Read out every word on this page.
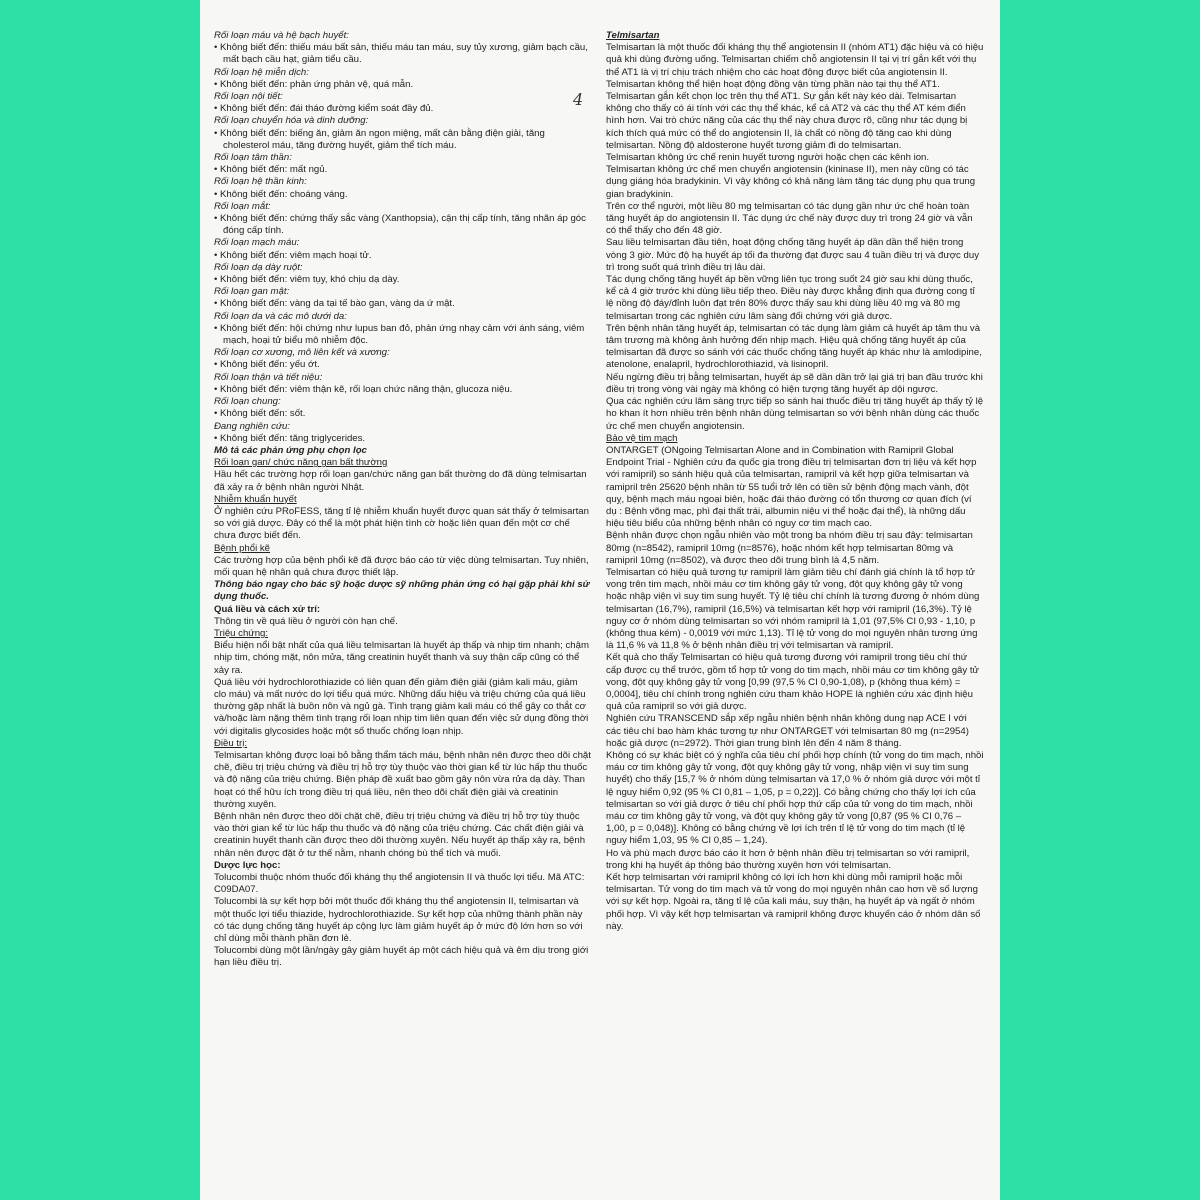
Rối loạn máu và hệ bạch huyết:
• Không biết đến: thiếu máu bất sản, thiếu máu tan máu, suy tủy xương, giảm bạch cầu, mất bạch cầu hạt, giảm tiểu cầu.
Rối loạn hệ miễn dịch:
• Không biết đến: phản ứng phản vệ, quá mẫn.
Rối loạn nội tiết:
• Không biết đến: đái tháo đường kiểm soát đầy đủ.
Rối loạn chuyển hóa và dinh dưỡng:
• Không biết đến: biếng ăn, giảm ăn ngon miệng, mất cân bằng điện giải, tăng cholesterol máu, tăng đường huyết, giảm thể tích máu.
Rối loạn tâm thần:
• Không biết đến: mất ngủ.
Rối loạn hệ thần kinh:
• Không biết đến: choáng váng.
Rối loạn mắt:
• Không biết đến: chứng thấy sắc vàng (Xanthopsia), cận thị cấp tính, tăng nhãn áp góc đóng cấp tính.
Rối loạn mạch máu:
• Không biết đến: viêm mạch hoại tử.
Rối loạn dạ dày ruột:
• Không biết đến: viêm tụy, khó chịu dạ dày.
Rối loạn gan mật:
• Không biết đến: vàng da tại tế bào gan, vàng da ứ mật.
Rối loạn da và các mô dưới da:
• Không biết đến: hội chứng như lupus ban đỏ, phản ứng nhạy cảm với ánh sáng, viêm mạch, hoại tử biểu mô nhiễm độc.
Rối loạn cơ xương, mô liên kết và xương:
• Không biết đến: yếu ớt.
Rối loạn thận và tiết niệu:
• Không biết đến: viêm thận kẽ, rối loạn chức năng thận, glucoza niệu.
Rối loạn chung:
• Không biết đến: sốt.
Đang nghiên cứu:
• Không biết đến: tăng triglycerides.
Mô tả các phản ứng phụ chọn lọc
Rối loạn gan/ chức năng gan bất thường
Hầu hết các trường hợp rối loạn gan/chức năng gan bất thường do đã dùng telmisartan đã xảy ra ở bệnh nhân người Nhật.
Nhiễm khuẩn huyết
Ở nghiên cứu PRoFESS, tăng tỉ lệ nhiễm khuẩn huyết được quan sát thấy ở telmisartan so với giả dược. Đây có thể là một phát hiện tình cờ hoặc liên quan đến một cơ chế chưa được biết đến.
Bệnh phổi kẽ
Các trường hợp của bệnh phổi kẽ đã được báo cáo từ việc dùng telmisartan. Tuy nhiên, mối quan hệ nhân quả chưa được thiết lập.
Thông báo ngay cho bác sỹ hoặc dược sỹ những phản ứng có hại gặp phải khi sử dụng thuốc.
Quá liều và cách xử trí:
Thông tin về quá liều ở người còn hạn chế.
Triệu chứng:
Biểu hiện nổi bật nhất của quá liều telmisartan là huyết áp thấp và nhịp tim nhanh; chậm nhịp tim, chóng mặt, nôn mửa, tăng creatinin huyết thanh và suy thận cấp cũng có thể xảy ra.
Quá liều với hydrochlorothiazide có liên quan đến giảm điện giải (giảm kali máu, giảm clo máu) và mất nước do lợi tiểu quá mức. Những dấu hiệu và triệu chứng của quá liều thường gặp nhất là buồn nôn và ngủ gà. Tình trạng giảm kali máu có thể gây co thắt cơ và/hoặc làm nặng thêm tình trạng rối loạn nhịp tim liên quan đến việc sử dụng đồng thời với digitalis glycosides hoặc một số thuốc chống loạn nhịp.
Điều trị:
Telmisartan không được loại bỏ bằng thẩm tách máu, bệnh nhân nên được theo dõi chặt chẽ, điều trị triệu chứng và điều trị hỗ trợ tùy thuộc vào thời gian kể từ lúc hấp thu thuốc và độ nặng của triệu chứng. Biện pháp đề xuất bao gồm gây nôn vừa rửa dạ dày. Than hoạt có thể hữu ích trong điều trị quá liều, nên theo dõi chất điện giải và creatinin thường xuyên.
Bệnh nhân nên được theo dõi chặt chẽ, điều trị triệu chứng và điều trị hỗ trợ tùy thuộc vào thời gian kể từ lúc hấp thu thuốc và độ nặng của triệu chứng. Các chất điện giải và creatinin huyết thanh cần được theo dõi thường xuyên. Nếu huyết áp thấp xảy ra, bệnh nhân nên được đặt ở tư thế nằm, nhanh chóng bù thể tích và muối.
Dược lực học:
Tolucombi thuộc nhóm thuốc đối kháng thụ thể angiotensin II và thuốc lợi tiểu. Mã ATC: C09DA07.
Tolucombi là sự kết hợp bởi một thuốc đối kháng thụ thể angiotensin II, telmisartan và một thuốc lợi tiểu thiazide, hydrochlorothiazide. Sự kết hợp của những thành phần này có tác dụng chống tăng huyết áp cộng lực làm giảm huyết áp ở mức độ lớn hơn so với chỉ dùng mỗi thành phần đơn lẻ.
Tolucombi dùng một lần/ngày gây giảm huyết áp một cách hiệu quả và êm dịu trong giới hạn liều điều trị.
Telmisartan
Telmisartan là một thuốc đối kháng thụ thể angiotensin II (nhóm AT1) đặc hiệu và có hiệu quả khi dùng đường uống. Telmisartan chiếm chỗ angiotensin II tại vị trí gắn kết với thụ thể AT1 là vị trí chịu trách nhiệm cho các hoạt động được biết của angiotensin II.
Telmisartan không thể hiện hoạt động đồng vận từng phần nào tại thụ thể AT1. Telmisartan gắn kết chọn lọc trên thụ thể AT1. Sự gắn kết này kéo dài. Telmisartan không cho thấy có ái tính với các thụ thể khác, kể cả AT2 và các thụ thể AT kém điển hình hơn. Vai trò chức năng của các thụ thể này chưa được rõ, cũng như tác dụng bị kích thích quá mức có thể do angiotensin II, là chất có nồng độ tăng cao khi dùng telmisartan. Nồng độ aldosterone huyết tương giảm đi do telmisartan.
Telmisartan không ức chế renin huyết tương người hoặc chẹn các kênh ion.
Telmisartan không ức chế men chuyển angiotensin (kininase II), men này cũng có tác dụng giáng hóa bradykinin. Vì vậy không có khả năng làm tăng tác dụng phụ qua trung gian bradykinin.
Trên cơ thể người, một liều 80 mg telmisartan có tác dụng gần như ức chế hoàn toàn tăng huyết áp do angiotensin II. Tác dụng ức chế này được duy trì trong 24 giờ và vẫn có thể thấy cho đến 48 giờ.
Sau liều telmisartan đầu tiên, hoạt động chống tăng huyết áp dần dần thể hiện trong vòng 3 giờ. Mức độ hạ huyết áp tối đa thường đạt được sau 4 tuần điều trị và được duy trì trong suốt quá trình điều trị lâu dài.
Tác dụng chống tăng huyết áp bền vững liên tục trong suốt 24 giờ sau khi dùng thuốc, kể cả 4 giờ trước khi dùng liều tiếp theo. Điều này được khẳng định qua đường cong tỉ lệ nồng độ đáy/đỉnh luôn đạt trên 80% được thấy sau khi dùng liều 40 mg và 80 mg telmisartan trong các nghiên cứu lâm sàng đối chứng với giả dược.
Trên bệnh nhân tăng huyết áp, telmisartan có tác dụng làm giảm cả huyết áp tâm thu và tâm trương mà không ảnh hưởng đến nhịp mạch. Hiệu quả chống tăng huyết áp của telmisartan đã được so sánh với các thuốc chống tăng huyết áp khác như là amlodipine, atenolone, enalapril, hydrochlorothiazid, và lisinopril.
Nếu ngừng điều trị bằng telmisartan, huyết áp sẽ dần dần trở lại giá trị ban đầu trước khi điều trị trong vòng vài ngày mà không có hiện tượng tăng huyết áp dội ngược.
Qua các nghiên cứu lâm sàng trực tiếp so sánh hai thuốc điều trị tăng huyết áp thấy tỷ lệ ho khan ít hơn nhiều trên bệnh nhân dùng telmisartan so với bệnh nhân dùng các thuốc ức chế men chuyển angiotensin.
Bảo vệ tim mạch
ONTARGET (ONgoing Telmisartan Alone and in Combination with Ramipril Global Endpoint Trial - Nghiên cứu đa quốc gia trong điều trị telmisartan đơn trị liệu và kết hợp với ramipril) so sánh hiệu quả của telmisartan, ramipril và kết hợp giữa telmisartan và ramipril trên 25620 bệnh nhân từ 55 tuổi trở lên có tiền sử bệnh động mạch vành, đột quỵ, bệnh mạch máu ngoại biên, hoặc đái tháo đường có tổn thương cơ quan đích (ví dụ : Bệnh võng mạc, phì đại thất trái, albumin niệu vi thể hoặc đại thể), là những dấu hiệu tiêu biểu của những bệnh nhân có nguy cơ tim mạch cao.
Bệnh nhân được chọn ngẫu nhiên vào một trong ba nhóm điều trị sau đây: telmisartan 80mg (n=8542), ramipril 10mg (n=8576), hoặc nhóm kết hợp telmisartan 80mg và ramipril 10mg (n=8502), và được theo dõi trung bình là 4,5 năm.
Telmisartan có hiệu quả tương tự ramipril làm giảm tiêu chí đánh giá chính là tổ hợp tử vong trên tim mạch, nhồi máu cơ tim không gây tử vong, đột quỵ không gây tử vong hoặc nhập viện vì suy tim sung huyết. Tỷ lệ tiêu chí chính là tương đương ở nhóm dùng telmisartan (16,7%), ramipril (16,5%) và telmisartan kết hợp với ramipril (16,3%). Tỷ lệ nguy cơ ở nhóm dùng telmisartan so với nhóm ramipril là 1,01 (97,5% CI 0,93 - 1,10, p (không thua kém) - 0,0019 với mức 1,13). Tỉ lệ tử vong do mọi nguyên nhân tương ứng là 11,6 % và 11,8 % ở bệnh nhân điều trị với telmisartan và ramipril.
Kết quả cho thấy Telmisartan có hiệu quả tương đương với ramipril trong tiêu chí thứ cấp được cụ thể trước, gồm tổ hợp tử vong do tim mạch, nhồi máu cơ tim không gây tử vong, đột quỵ không gây tử vong [0,99 (97,5 % CI 0,90-1,08), p (không thua kém) = 0,0004], tiêu chí chính trong nghiên cứu tham khảo HOPE là nghiên cứu xác định hiệu quả của ramipril so với giả dược.
Nghiên cứu TRANSCEND sắp xếp ngẫu nhiên bệnh nhân không dung nạp ACE I với các tiêu chí bao hàm khác tương tự như ONTARGET với telmisartan 80 mg (n=2954) hoặc giả dược (n=2972). Thời gian trung bình lên đến 4 năm 8 tháng.
Không có sự khác biệt có ý nghĩa của tiêu chí phối hợp chính (tử vong do tim mạch, nhồi máu cơ tim không gây tử vong, đột quỵ không gây tử vong, nhập viện vì suy tim sung huyết) cho thấy [15,7 % ở nhóm dùng telmisartan và 17,0 % ở nhóm giả dược với một tỉ lệ nguy hiểm 0,92 (95 % CI 0,81 – 1,05, p = 0,22)]. Có bằng chứng cho thấy lợi ích của telmisartan so với giả dược ở tiêu chí phối hợp thứ cấp của tử vong do tim mạch, nhồi máu cơ tim không gây tử vong, và đột quỵ không gây tử vong [0,87 (95 % CI 0,76 – 1,00, p = 0,048)]. Không có bằng chứng về lợi ích trên tỉ lệ tử vong do tim mạch (tỉ lệ nguy hiểm 1,03, 95 % CI 0,85 – 1,24).
Ho và phù mạch được báo cáo ít hơn ở bệnh nhân điều trị telmisartan so với ramipril, trong khi hạ huyết áp thông báo thường xuyên hơn với telmisartan.
Kết hợp telmisartan với ramipril không có lợi ích hơn khi dùng mỗi ramipril hoặc mỗi telmisartan. Tử vong do tim mạch và tử vong do mọi nguyên nhân cao hơn về số lượng với sự kết hợp. Ngoài ra, tăng tỉ lệ của kali máu, suy thận, hạ huyết áp và ngất ở nhóm phối hợp. Vì vậy kết hợp telmisartan và ramipril không được khuyến cáo ở nhóm dân số này.
4
